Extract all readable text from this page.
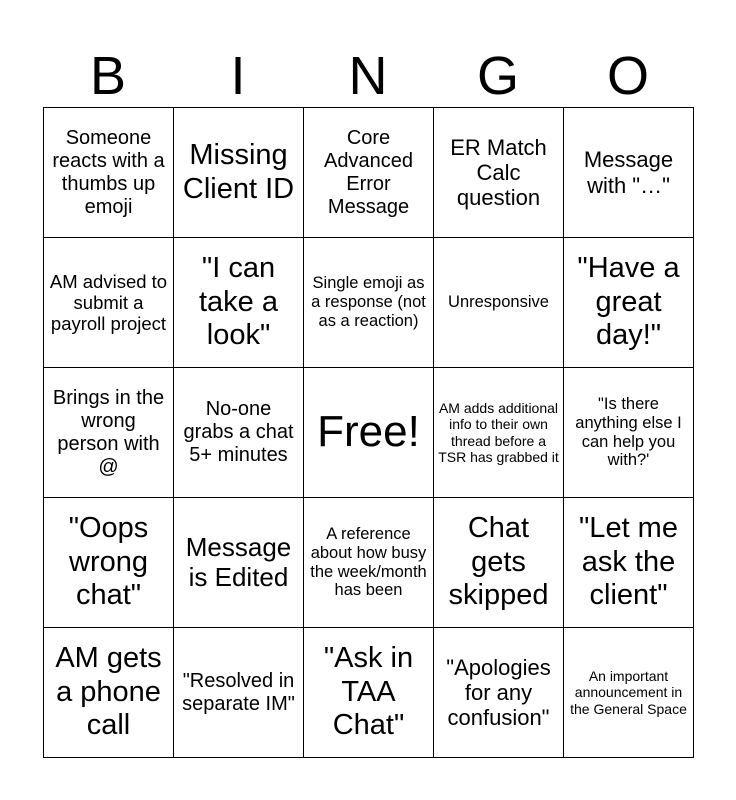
B	I	N	G	O
Someone reacts with a thumbs up emoji	Missing Client ID	Core Advanced Error Message	ER Match Calc question	Message with "…"
AM advised to submit a payroll project	"I can take a look"	Single emoji as a response (not as a reaction)	Unresponsive	"Have a great day!"
Brings in the wrong person with @	No-one grabs a chat 5+ minutes	Free!	AM adds additional info to their own thread before a TSR has grabbed it	"Is there anything else I can help you with?'
"Oops wrong chat"	Message is Edited	A reference about how busy the week/month has been	Chat gets skipped	"Let me ask the client"
AM gets a phone call	"Resolved in separate IM"	"Ask in TAA Chat"	"Apologies for any confusion"	An important announcement in the General Space
